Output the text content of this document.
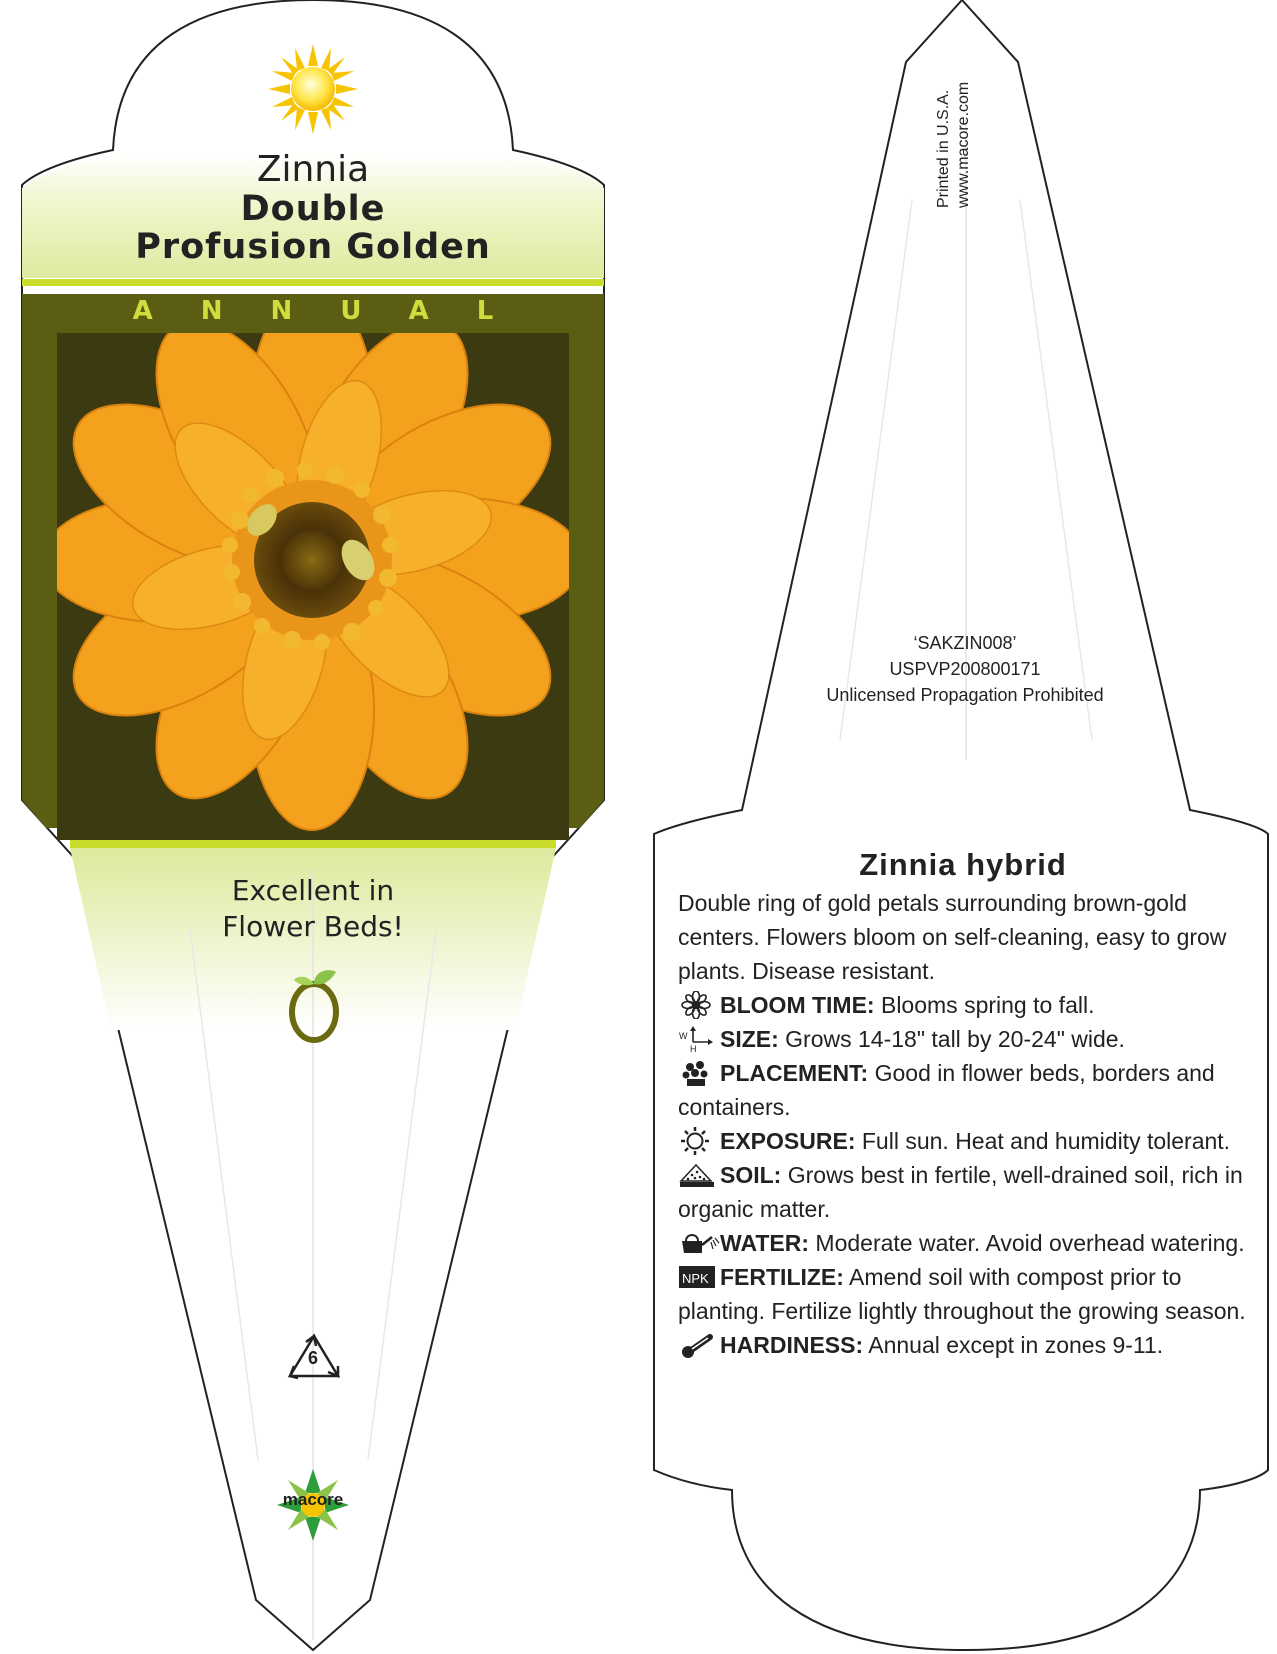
Zinnia
Double
Profusion Golden
ANNUAL
Excellent in
Flower Beds!
6
macore
Printed in U.S.A. www.macore.com
‘SAKZIN008’
USPVP200800171
Unlicensed Propagation Prohibited
Zinnia hybrid

Double ring of gold petals surrounding brown-gold centers. Flowers bloom on self-cleaning, easy to grow plants. Disease resistant.

BLOOM TIME: Blooms spring to fall.

W
H SIZE: Grows 14-18" tall by 20-24" wide.

PLACEMENT: Good in flower beds, borders and containers.

EXPOSURE: Full sun. Heat and humidity tolerant.

SOIL: Grows best in fertile, well-drained soil, rich in organic matter.

WATER: Moderate water. Avoid overhead watering.

NPK FERTILIZE: Amend soil with compost prior to planting. Fertilize lightly throughout the growing season.

HARDINESS: Annual except in zones 9-11.
